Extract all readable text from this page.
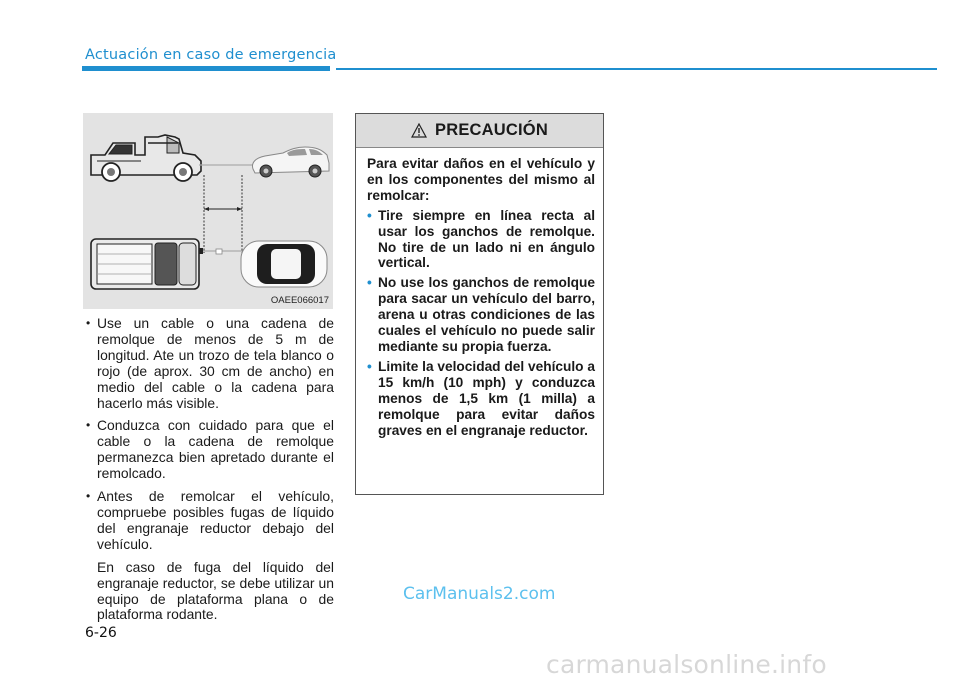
Actuación en caso de emergencia
OAEE066017
• Use un cable o una cadena de remolque de menos de 5 m de longitud. Ate un trozo de tela blanco o rojo (de aprox. 30 cm de ancho) en medio del cable o la cadena para hacerlo más visible.
• Conduzca con cuidado para que el cable o la cadena de remolque permanezca bien apretado durante el remolcado.
• Antes de remolcar el vehículo, compruebe posibles fugas de líquido del engranaje reductor debajo del vehículo.
En caso de fuga del líquido del engranaje reductor, se debe utilizar un equipo de plataforma plana o de plataforma rodante.
PRECAUCIÓN
Para evitar daños en el vehículo y en los componentes del mismo al remolcar:
• Tire siempre en línea recta al usar los ganchos de remolque. No tire de un lado ni en ángulo vertical.
• No use los ganchos de remolque para sacar un vehículo del barro, arena u otras condiciones de las cuales el vehículo no puede salir mediante su propia fuerza.
• Limite la velocidad del vehículo a 15 km/h (10 mph) y conduzca menos de 1,5 km (1 milla) a remolque para evitar daños graves en el engranaje reductor.
CarManuals2.com
6-26
carmanualsonline.info
